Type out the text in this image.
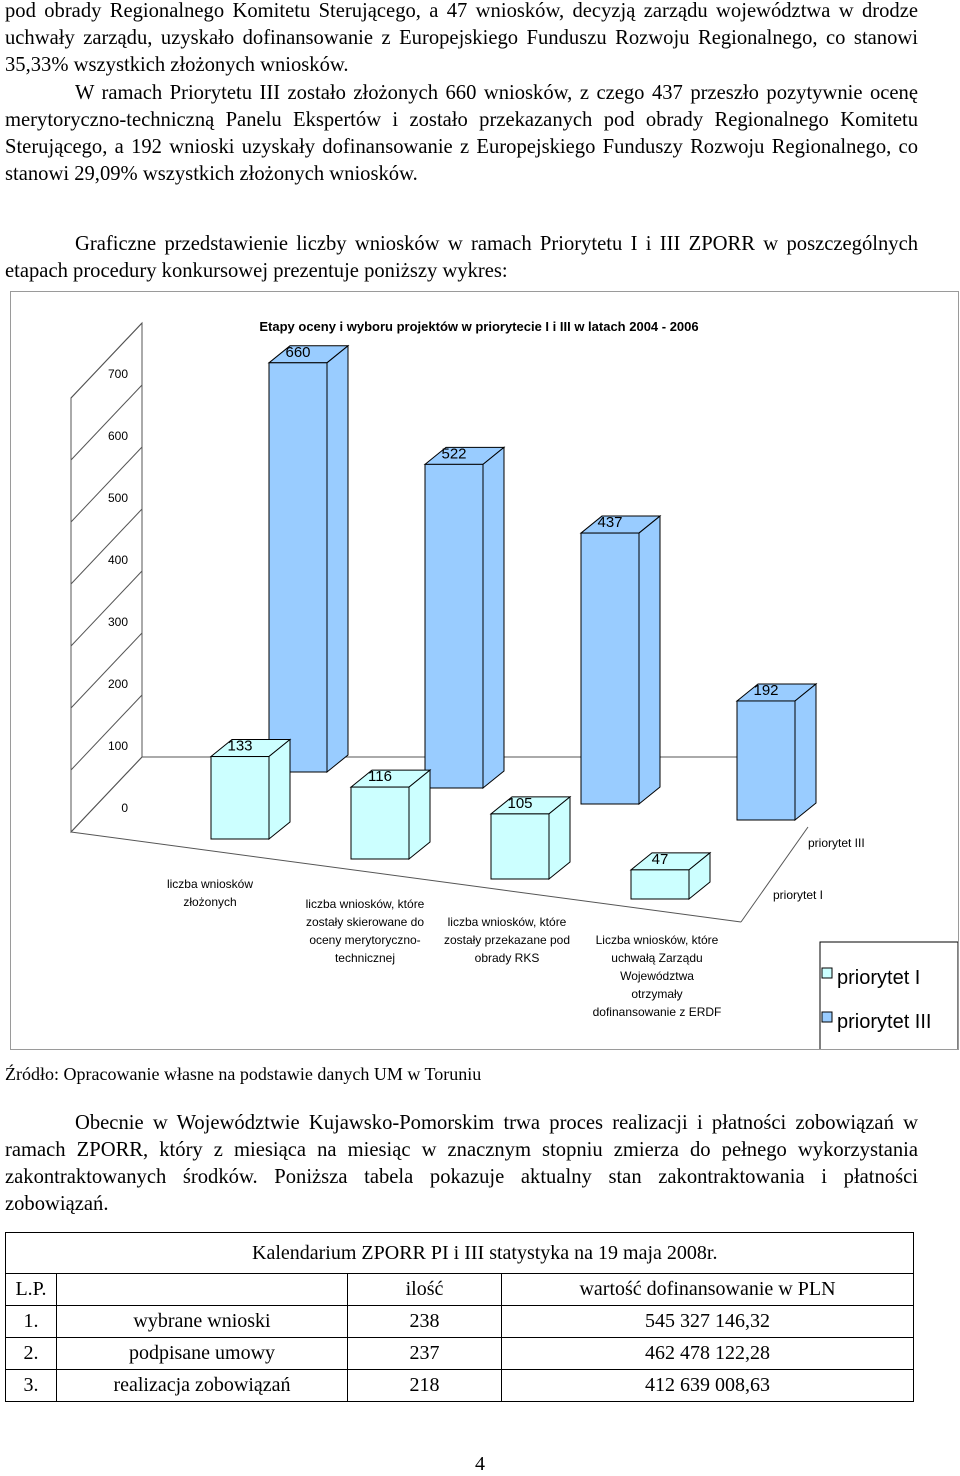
pod obrady Regionalnego Komitetu Sterującego, a 47 wniosków, decyzją zarządu województwa w drodze uchwały zarządu, uzyskało dofinansowanie z Europejskiego Funduszu Rozwoju Regionalnego, co stanowi 35,33% wszystkich złożonych wniosków.

W ramach Priorytetu III zostało złożonych 660 wniosków, z czego 437 przeszło pozytywnie ocenę merytoryczno-techniczną Panelu Ekspertów i zostało przekazanych pod obrady Regionalnego Komitetu Sterującego, a 192 wnioski uzyskały dofinansowanie z Europejskiego Funduszy Rozwoju Regionalnego, co stanowi 29,09% wszystkich złożonych wniosków.

Graficzne przedstawienie liczby wniosków w ramach Priorytetu I i III ZPORR w poszczególnych etapach procedury konkursowej prezentuje poniższy wykres:

Etapy oceny i wyboru projektów w priorytecie I i III w latach 2004 - 2006
0
100
200
300
400
500
600
700
660
522
437
192
133
116
105
47
liczba wniosków
złożonych	liczba wniosków, które
zostały skierowane do
oceny merytoryczno-
technicznej
liczba wniosków, które
zostały przekazane pod
obrady RKS
Liczba wniosków, które
uchwałą Zarządu
Województwa
otrzymały
dofinansowanie z ERDF
priorytet III
priorytet I
priorytet I
priorytet III
Źródło: Opracowanie własne na podstawie danych UM w Toruniu

Obecnie w Województwie Kujawsko-Pomorskim trwa proces realizacji i płatności zobowiązań w ramach ZPORR, który z miesiąca na miesiąc w znacznym stopniu zmierza do pełnego wykorzystania zakontraktowanych środków. Poniższa tabela pokazuje aktualny stan zakontraktowania i płatności zobowiązań.

	Kalendarium ZPORR PI i III statystyka na 19 maja 2008r.		
L.P.		ilość	wartość dofinansowanie w PLN
1.	wybrane wnioski	238	545 327 146,32
2.	podpisane umowy	237	462 478 122,28
3.	realizacja zobowiązań	218	412 639 008,63
4
